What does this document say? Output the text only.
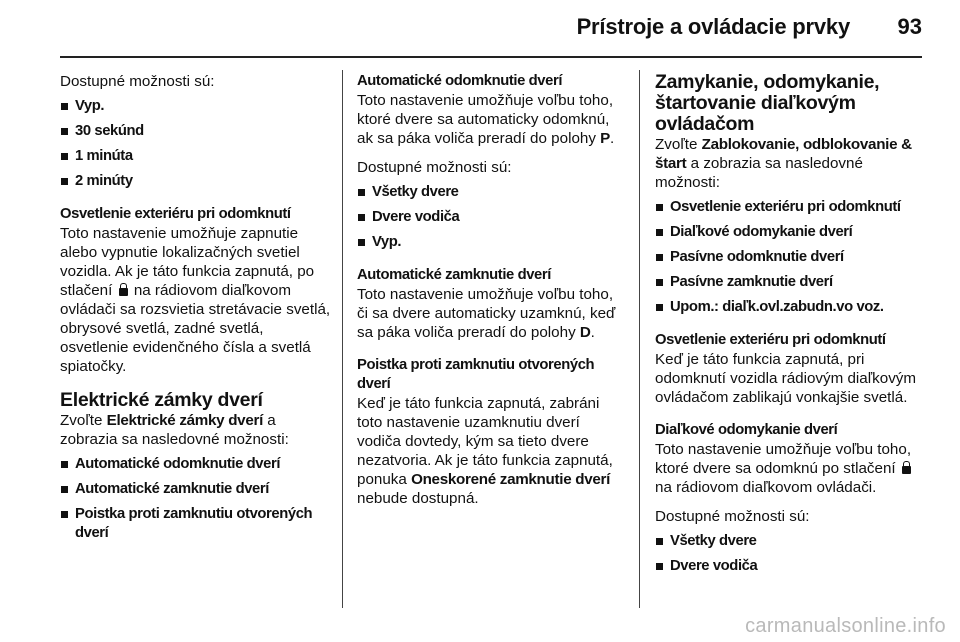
Prístroje a ovládacie prvky 93

Dostupné možnosti sú:

Vyp.
30 sekúnd
1 minúta
2 minúty

Osvetlenie exteriéru pri odomknutí

Toto nastavenie umožňuje zapnutie alebo vypnutie lokalizačných svetiel vozidla. Ak je táto funkcia zapnutá, po stlačení na rádiovom diaľkovom ovládači sa rozsvietia stretávacie svetlá, obrysové svetlá, zadné svetlá, osvetlenie evidenčného čísla a svetlá spiatočky.

Elektrické zámky dverí

Zvoľte Elektrické zámky dverí a zobrazia sa nasledovné možnosti:

Automatické odomknutie dverí
Automatické zamknutie dverí
Poistka proti zamknutiu otvorených dverí

Automatické odomknutie dverí

Toto nastavenie umožňuje voľbu toho, ktoré dvere sa automaticky odomknú, ak sa páka voliča preradí do polohy P.

Dostupné možnosti sú:

Všetky dvere
Dvere vodiča
Vyp.

Automatické zamknutie dverí

Toto nastavenie umožňuje voľbu toho, či sa dvere automaticky uzamknú, keď sa páka voliča preradí do polohy D.

Poistka proti zamknutiu otvorených dverí

Keď je táto funkcia zapnutá, zabráni toto nastavenie uzamknutiu dverí vodiča dovtedy, kým sa tieto dvere nezatvoria. Ak je táto funkcia zapnutá, ponuka Oneskorené zamknutie dverí nebude dostupná.

Zamykanie, odomykanie, štartovanie diaľkovým ovládačom

Zvoľte Zablokovanie, odblokovanie & štart a zobrazia sa nasledovné možnosti:

Osvetlenie exteriéru pri odomknutí
Diaľkové odomykanie dverí
Pasívne odomknutie dverí
Pasívne zamknutie dverí
Upom.: diaľk.ovl.zabudn.vo voz.

Osvetlenie exteriéru pri odomknutí

Keď je táto funkcia zapnutá, pri odomknutí vozidla rádiovým diaľkovým ovládačom zablikajú vonkajšie svetlá.

Diaľkové odomykanie dverí

Toto nastavenie umožňuje voľbu toho, ktoré dvere sa odomknú po stlačení  na rádiovom diaľkovom ovládači.

Dostupné možnosti sú:

Všetky dvere
Dvere vodiča
carmanualsonline.info
